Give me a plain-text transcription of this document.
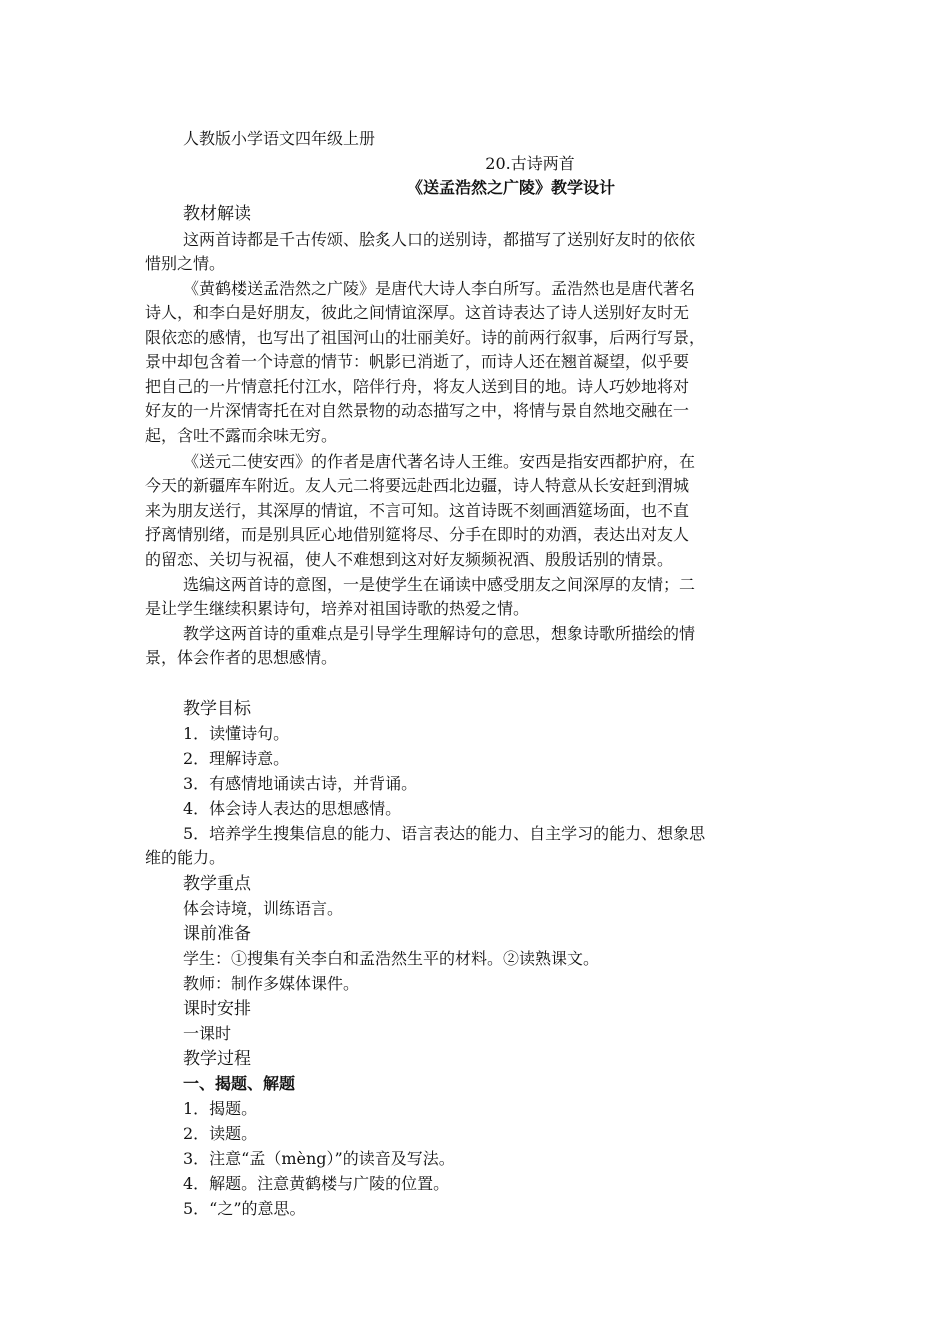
人教版小学语文四年级上册
20.古诗两首
《送孟浩然之广陵》教学设计
教材解读
这两首诗都是千古传颂、脍炙人口的送别诗，都描写了送别好友时的依依
惜别之情。
《黄鹤楼送孟浩然之广陵》是唐代大诗人李白所写。孟浩然也是唐代著名
诗人，和李白是好朋友，彼此之间情谊深厚。这首诗表达了诗人送别好友时无
限依恋的感情，也写出了祖国河山的壮丽美好。诗的前两行叙事，后两行写景，
景中却包含着一个诗意的情节：帆影已消逝了，而诗人还在翘首凝望，似乎要
把自己的一片情意托付江水，陪伴行舟，将友人送到目的地。诗人巧妙地将对
好友的一片深情寄托在对自然景物的动态描写之中，将情与景自然地交融在一
起，含吐不露而余味无穷。
《送元二使安西》的作者是唐代著名诗人王维。安西是指安西都护府，在
今天的新疆库车附近。友人元二将要远赴西北边疆，诗人特意从长安赶到渭城
来为朋友送行，其深厚的情谊，不言可知。这首诗既不刻画酒筵场面，也不直
抒离情别绪，而是别具匠心地借别筵将尽、分手在即时的劝酒，表达出对友人
的留恋、关切与祝福，使人不难想到这对好友频频祝酒、殷殷话别的情景。
选编这两首诗的意图，一是使学生在诵读中感受朋友之间深厚的友情；二
是让学生继续积累诗句，培养对祖国诗歌的热爱之情。
教学这两首诗的重难点是引导学生理解诗句的意思，想象诗歌所描绘的情
景，体会作者的思想感情。
教学目标
1．读懂诗句。
2．理解诗意。
3．有感情地诵读古诗，并背诵。
4．体会诗人表达的思想感情。
5．培养学生搜集信息的能力、语言表达的能力、自主学习的能力、想象思
维的能力。
教学重点
体会诗境，训练语言。
课前准备
学生：①搜集有关李白和孟浩然生平的材料。②读熟课文。
教师：制作多媒体课件。
课时安排
一课时
教学过程
一、揭题、解题
1．揭题。
2．读题。
3．注意“孟（mèng）”的读音及写法。
4．解题。注意黄鹤楼与广陵的位置。
5．“之”的意思。
